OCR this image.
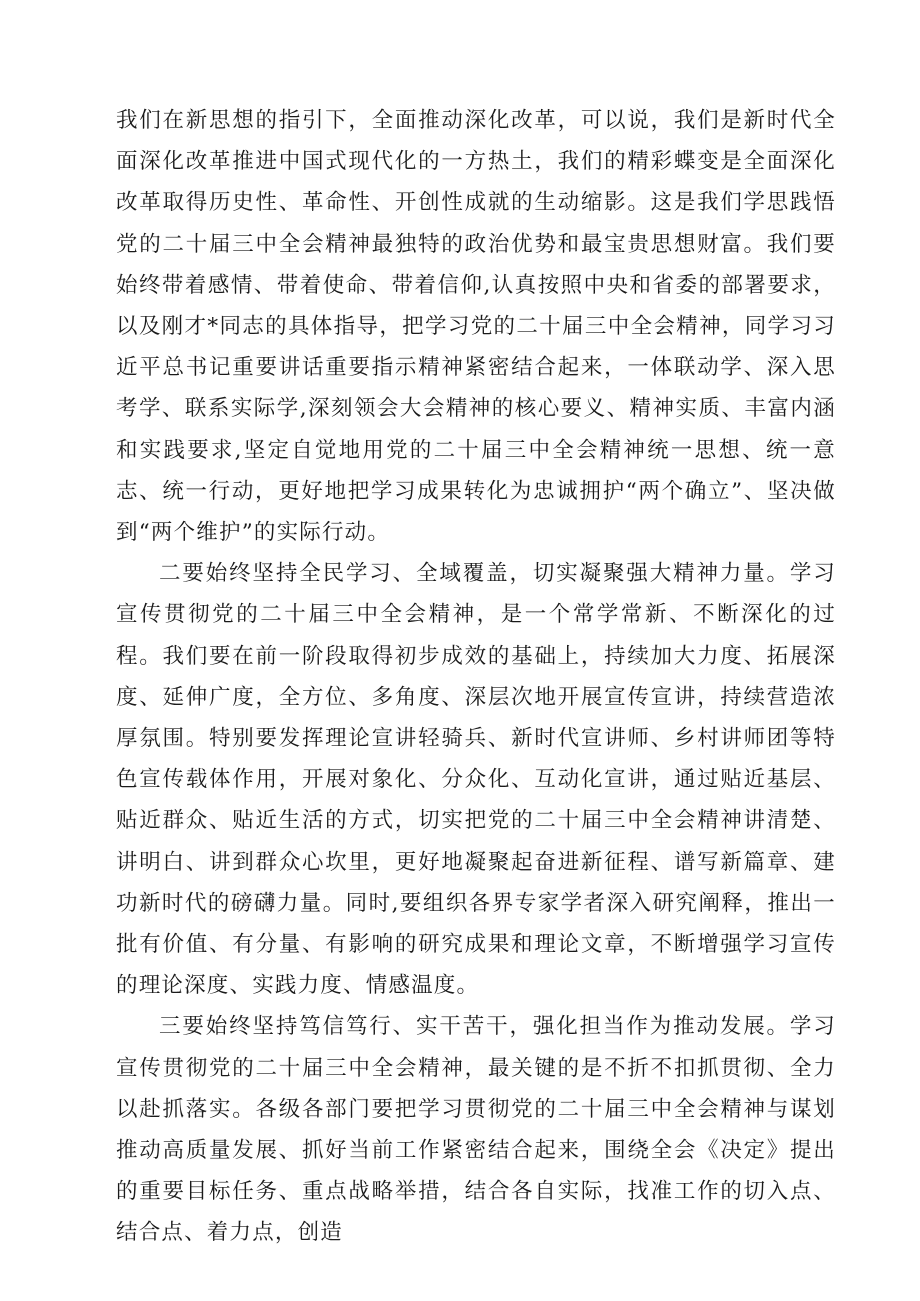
我们在新思想的指引下，全面推动深化改革，可以说，我们是新时代全面深化改革推进中国式现代化的一方热土，我们的精彩蝶变是全面深化改革取得历史性、革命性、开创性成就的生动缩影。这是我们学思践悟党的二十届三中全会精神最独特的政治优势和最宝贵思想财富。我们要始终带着感情、带着使命、带着信仰,认真按照中央和省委的部署要求，以及刚才*同志的具体指导，把学习党的二十届三中全会精神，同学习习近平总书记重要讲话重要指示精神紧密结合起来，一体联动学、深入思考学、联系实际学,深刻领会大会精神的核心要义、精神实质、丰富内涵和实践要求,坚定自觉地用党的二十届三中全会精神统一思想、统一意志、统一行动，更好地把学习成果转化为忠诚拥护“两个确立”、坚决做到“两个维护”的实际行动。

二要始终坚持全民学习、全域覆盖，切实凝聚强大精神力量。学习宣传贯彻党的二十届三中全会精神，是一个常学常新、不断深化的过程。我们要在前一阶段取得初步成效的基础上，持续加大力度、拓展深度、延伸广度，全方位、多角度、深层次地开展宣传宣讲，持续营造浓厚氛围。特别要发挥理论宣讲轻骑兵、新时代宣讲师、乡村讲师团等特色宣传载体作用，开展对象化、分众化、互动化宣讲，通过贴近基层、贴近群众、贴近生活的方式，切实把党的二十届三中全会精神讲清楚、讲明白、讲到群众心坎里，更好地凝聚起奋进新征程、谱写新篇章、建功新时代的磅礴力量。同时,要组织各界专家学者深入研究阐释，推出一批有价值、有分量、有影响的研究成果和理论文章，不断增强学习宣传的理论深度、实践力度、情感温度。

三要始终坚持笃信笃行、实干苦干，强化担当作为推动发展。学习宣传贯彻党的二十届三中全会精神，最关键的是不折不扣抓贯彻、全力以赴抓落实。各级各部门要把学习贯彻党的二十届三中全会精神与谋划推动高质量发展、抓好当前工作紧密结合起来，围绕全会《决定》提出的重要目标任务、重点战略举措，结合各自实际，找准工作的切入点、结合点、着力点，创造
